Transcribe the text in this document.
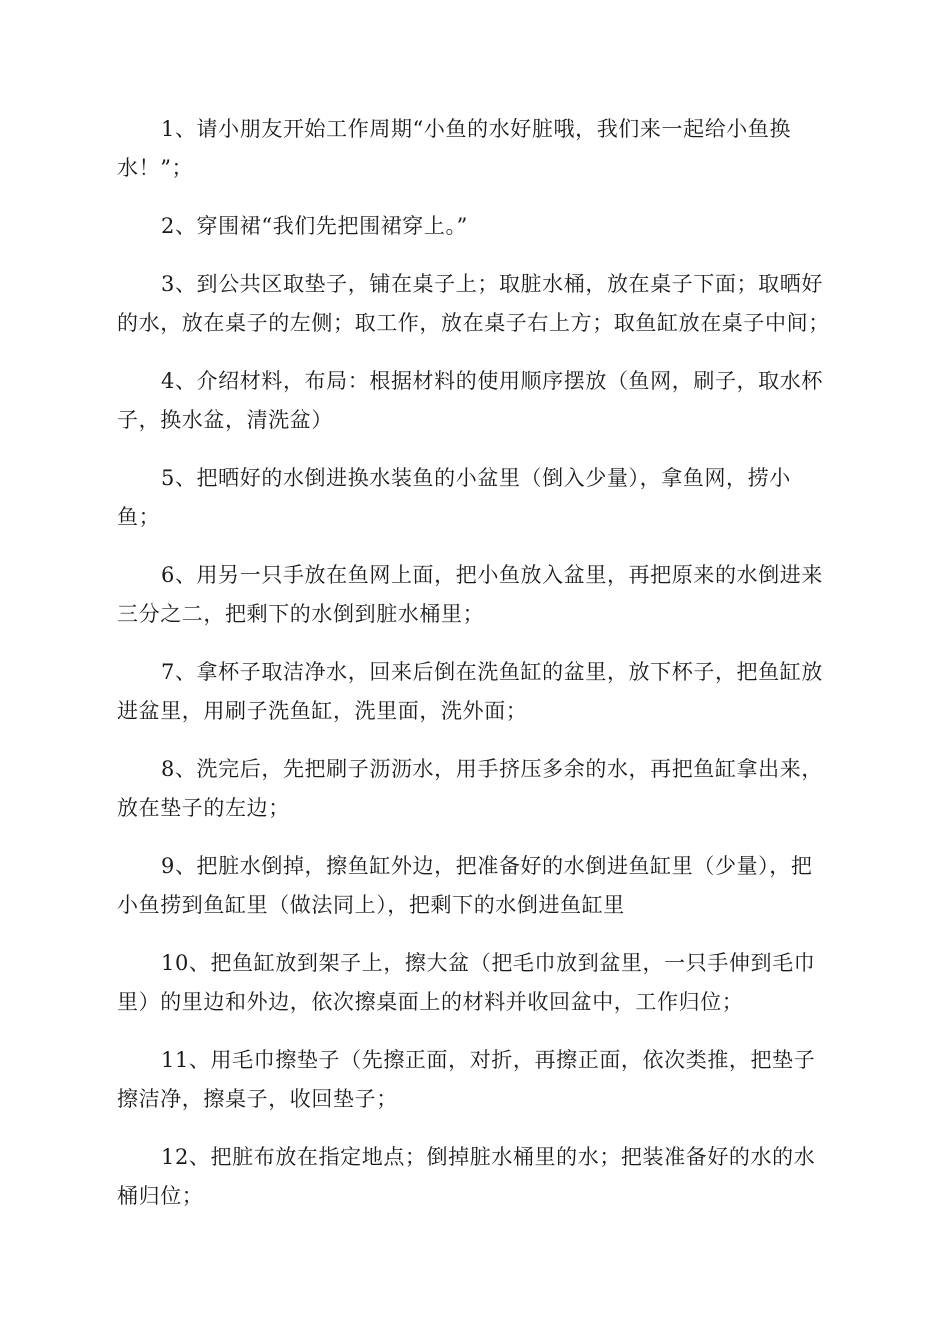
1、请小朋友开始工作周期“小鱼的水好脏哦，我们来一起给小鱼换水！”；

2、穿围裙“我们先把围裙穿上。”

3、到公共区取垫子，铺在桌子上；取脏水桶，放在桌子下面；取晒好的水，放在桌子的左侧；取工作，放在桌子右上方；取鱼缸放在桌子中间；

4、介绍材料，布局：根据材料的使用顺序摆放（鱼网，刷子，取水杯子，换水盆，清洗盆）

5、把晒好的水倒进换水装鱼的小盆里（倒入少量），拿鱼网，捞小鱼；

6、用另一只手放在鱼网上面，把小鱼放入盆里，再把原来的水倒进来三分之二，把剩下的水倒到脏水桶里；

7、拿杯子取洁净水，回来后倒在洗鱼缸的盆里，放下杯子，把鱼缸放进盆里，用刷子洗鱼缸，洗里面，洗外面；

8、洗完后，先把刷子沥沥水，用手挤压多余的水，再把鱼缸拿出来，放在垫子的左边；

9、把脏水倒掉，擦鱼缸外边，把准备好的水倒进鱼缸里（少量），把小鱼捞到鱼缸里（做法同上），把剩下的水倒进鱼缸里

10、把鱼缸放到架子上，擦大盆（把毛巾放到盆里，一只手伸到毛巾里）的里边和外边，依次擦桌面上的材料并收回盆中，工作归位；

11、用毛巾擦垫子（先擦正面，对折，再擦正面，依次类推，把垫子擦洁净，擦桌子，收回垫子；

12、把脏布放在指定地点；倒掉脏水桶里的水；把装准备好的水的水桶归位；
